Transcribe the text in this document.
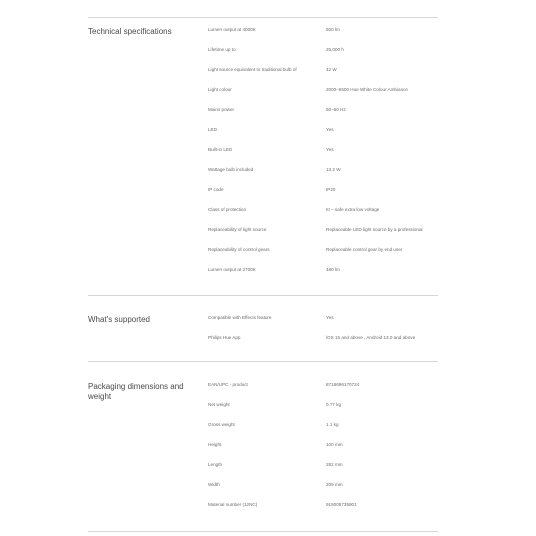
Technical specifications	Lumen output at 4000K	500 lm
Lifetime up to	25,000 h
Light source equivalent to traditional bulb of	42 W
Light colour	2000–6500 Hue White Colour Ambiance
Mains power	50–60 Hz
LED	Yes
Built-in LED	Yes
Wattage bulb included	13.2 W
IP code	IP20
Class of protection	III – safe extra low voltage
Replaceability of light source	Replaceable LED light source by a professional
Replaceability of control gears	Replaceable control gear by end user
Lumen output at 2700K	480 lm
What's supported	Compatible with Effects feature	Yes
Philips Hue App	iOS 15 and above , Android 13.0 and above
Packaging dimensions and weight
EAN/UPC - product	8718696170724
Net weight	0.77 kg
Gross weight	1.1 kg
Height	100 mm
Length	282 mm
Width	209 mm
Material number (12NC)	915005735901
